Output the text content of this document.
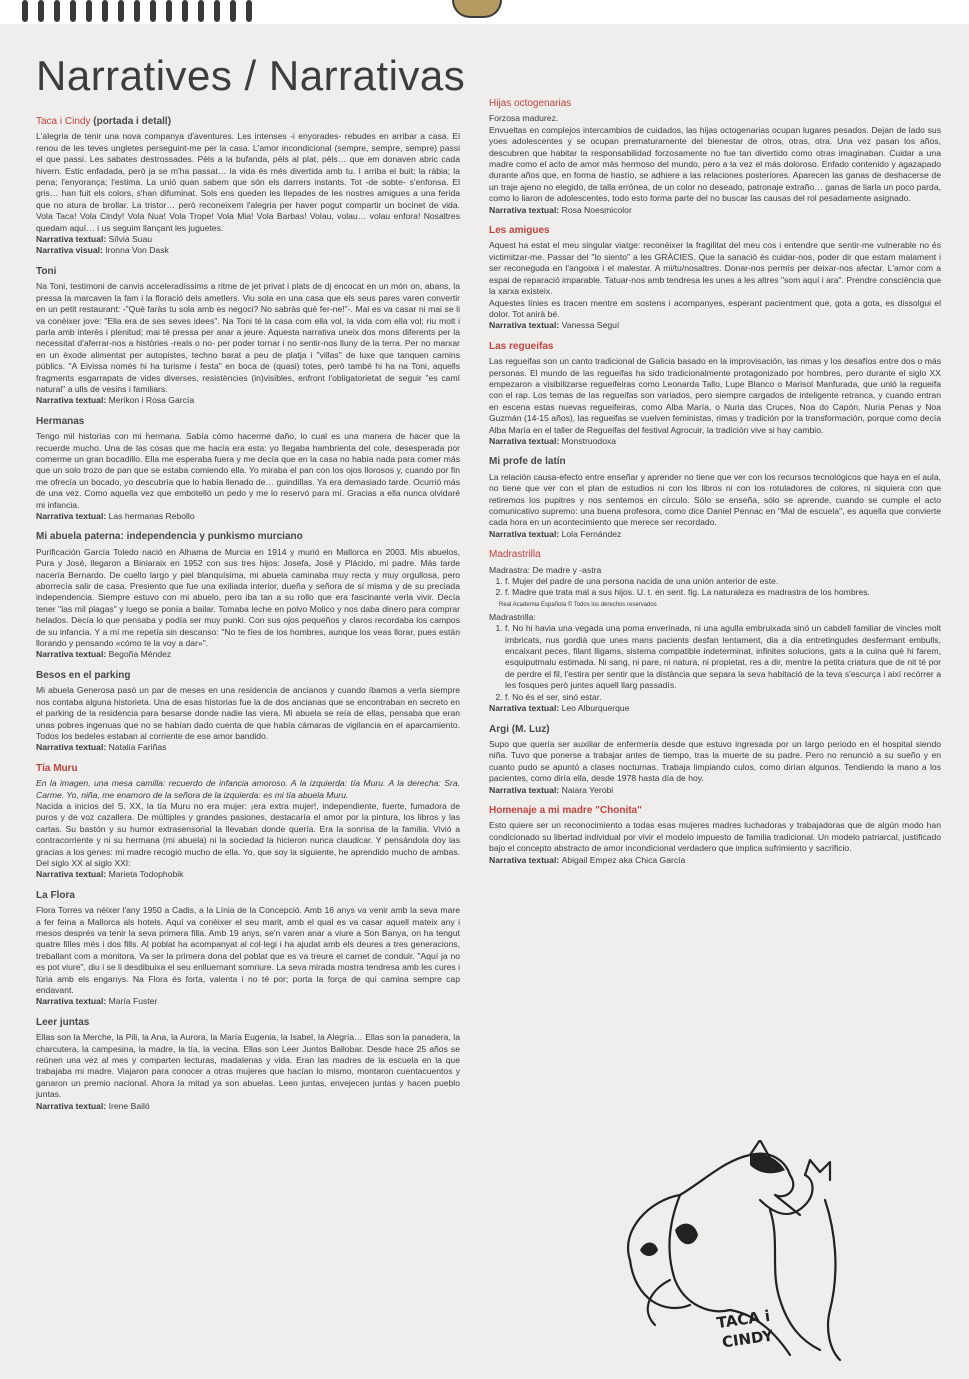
Narratives / Narrativas
Taca i Cindy (portada i detall)

L'alegria de tenir una nova companya d'aventures. Les intenses -i enyorades- rebudes en arribar a casa. El renou de les teves ungletes perseguint-me per la casa. L'amor incondicional (sempre, sempre, sempre) passi el que passi. Les sabates destrossades. Pèls a la bufanda, pèls al plat, pèls… que em donaven abric cada hivern. Estic enfadada, però ja se m'ha passat… la vida és més divertida amb tu. I arriba el buit; la ràbia; la pena; l'enyorança; l'estima. La unió quan sabem que són els darrers instants. Tot -de sobte- s'enfonsa. El gris… han fuit els colors, s'han difuminat. Sols ens queden les llepades de les nostres amigues a una ferida que no atura de brollar. La tristor… però reconeixem l'alegria per haver pogut compartir un bocinet de vida. Vola Taca! Vola Cindy! Vola Nua! Vola Trope! Vola Mia! Vola Barbas! Volau, volau… volau enfora! Nosaltres quedam aquí… i us seguim llançant les juguetes.

Narrativa textual: Sílvia Suau

Narrativa visual: Ironna Von Dask

Toni

Na Toni, testimoni de canvis acceleradíssims a ritme de jet privat i plats de dj encocat en un món on, abans, la pressa la marcaven la fam i la floració dels ametlers. Viu sola en una casa que els seus pares varen convertir en un petit restaurant: -"Què faràs tu sola amb es negoci? No sabràs què fer-ne!"-. Mai es va casar ni mai se li va conèixer jove: "Ella era de ses seves idees". Na Toni té la casa com ella vol, la vida com ella vol; riu molt i parla amb interès i plenitud; mai té pressa per anar a jeure. Aquesta narrativa uneix dos mons diferents per la necessitat d'aferrar-nos a històries -reals o no- per poder tornar i no sentir-nos lluny de la terra. Per no marxar en un èxode alimentat per autopistes, techno barat a peu de platja i "villas" de luxe que tanquen camins públics. "A Eivissa només hi ha turisme i festa" en boca de (quasi) totes, però també hi ha na Toni, aquells fragments esgarrapats de vides diverses, resistències (in)visibles, enfront l'obligatorietat de seguir "es camí natural" a ulls de vesins i familiars.

Narrativa textual: Merikon i Rosa García

Hermanas

Tengo mil historias con mi hermana. Sabía cómo hacerme daño, lo cual es una manera de hacer que la recuerde mucho. Una de las cosas que me hacía era esta: yo llegaba hambrienta del cole, desesperada por comerme un gran bocadillo. Ella me esperaba fuera y me decía que en la casa no había nada para comer más que un solo trozo de pan que se estaba comiendo ella. Yo miraba el pan con los ojos llorosos y, cuando por fin me ofrecía un bocado, yo descubría que lo había llenado de… guindillas. Ya era demasiado tarde. Ocurrió más de una vez. Como aquella vez que embotelló un pedo y me lo reservó para mí. Gracias a ella nunca olvidaré mi infancia.

Narrativa textual: Las hermanas Rebollo

Mi abuela paterna: independencia y punkismo murciano

Purificación García Toledo nació en Alhama de Murcia en 1914 y murió en Mallorca en 2003. Mis abuelos, Pura y José, llegaron a Biniaraix en 1952 con sus tres hijos: Josefa, José y Plácido, mi padre. Más tarde nacería Bernardo. De cuello largo y piel blanquísima, mi abuela caminaba muy recta y muy orgullosa, pero aborrecía salir de casa. Presiento que fue una exiliada interior, dueña y señora de sí misma y de su preciada independencia. Siempre estuvo con mi abuelo, pero iba tan a su rollo que era fascinante verla vivir. Decía tener "las mil plagas" y luego se ponía a bailar. Tomaba leche en polvo Molico y nos daba dinero para comprar helados. Decía lo que pensaba y podía ser muy punki. Con sus ojos pequeños y claros recordaba los campos de su infancia. Y a mí me repetía sin descanso: "No te fíes de los hombres, aunque los veas llorar, pues están llorando y pensando «cómo te la voy a dar»".

Narrativa textual: Begoña Méndez

Besos en el parking

Mi abuela Generosa pasó un par de meses en una residencia de ancianos y cuando íbamos a verla siempre nos contaba alguna historieta. Una de esas historias fue la de dos ancianas que se encontraban en secreto en el parking de la residencia para besarse donde nadie las viera. Mi abuela se reía de ellas, pensaba que eran unas pobres ingenuas que no se habían dado cuenta de que había cámaras de vigilancia en el aparcamiento. Todos los bedeles estaban al corriente de ese amor bandido.

Narrativa textual: Natalia Fariñas

Tía Muru

En la imagen, una mesa camilla: recuerdo de infancia amoroso. A la izquierda: tía Muru. A la derecha: Sra. Carme. Yo, niña, me enamoro de la señora de la izquierda: es mi tía abuela Muru.

Nacida a inicios del S. XX, la tía Muru no era mujer: ¡era extra mujer!, independiente, fuerte, fumadora de puros y de voz cazallera. De múltiples y grandes pasiones, destacaría el amor por la pintura, los libros y las cartas. Su bastón y su humor extrasensorial la llevaban donde quería. Era la sonrisa de la familia. Vivió a contracorriente y ni su hermana (mi abuela) ni la sociedad la hicieron nunca claudicar. Y pensándola doy las gracias a los genes: mi madre recogió mucho de ella. Yo, que soy la siguiente, he aprendido mucho de ambas. Del siglo XX al siglo XXI:

Narrativa textual: Marieta Todophobik

La Flora

Flora Torres va néixer l'any 1950 a Cadis, a la Línia de la Concepció. Amb 16 anys va venir amb la seva mare a fer feina a Mallorca als hotels. Aquí va conèixer el seu marit, amb el qual es va casar aquell mateix any i mesos després va tenir la seva primera filla. Amb 19 anys, se'n varen anar a viure a Son Banya, on ha tengut quatre filles més i dos fills. Al poblat ha acompanyat al col·legi i ha ajudat amb els deures a tres generacions, treballant com a monitora. Va ser la primera dona del poblat que es va treure el carnet de conduir. "Aquí ja no es pot viure", diu i se li desdibuixa el seu enlluernant somriure. La seva mirada mostra tendresa amb les cures i fúria amb els enganys. Na Flora és forta, valenta i no té por; porta la força de qui camina sempre cap endavant.

Narrativa textual: María Fuster

Leer juntas

Ellas son la Merche, la Pili, la Ana, la Aurora, la María Eugenia, la Isabel, la Alegría… Ellas son la panadera, la charcutera, la campesina, la madre, la tía, la vecina. Ellas son Leer Juntos Ballobar. Desde hace 25 años se reúnen una vez al mes y comparten lecturas, madalenas y vida. Eran las madres de la escuela en la que trabajaba mi madre. Viajaron para conocer a otras mujeres que hacían lo mismo, montaron cuentacuentos y ganaron un premio nacional. Ahora la mitad ya son abuelas. Leen juntas, envejecen juntas y hacen pueblo juntas.

Narrativa textual: Irene Bailó

Hijas octogenarias

Forzosa madurez.

Envueltas en complejos intercambios de cuidados, las hijas octogenarias ocupan lugares pesados. Dejan de lado sus yoes adolescentes y se ocupan prematuramente del bienestar de otros, otras, otra. Una vez pasan los años, descubren que habitar la responsabilidad forzosamente no fue tan divertido como otras imaginaban. Cuidar a una madre como el acto de amor más hermoso del mundo, pero a la vez el más doloroso. Enfado contenido y agazapado durante años que, en forma de hastío, se adhiere a las relaciones posteriores. Aparecen las ganas de deshacerse de un traje ajeno no elegido, de talla errónea, de un color no deseado, patronaje extraño… ganas de liarla un poco parda, como lo liaron de adolescentes, todo esto forma parte del no buscar las causas del rol pesadamente asignado.

Narrativa textual: Rosa Noesmicolor

Les amigues

Aquest ha estat el meu singular viatge: reconèixer la fragilitat del meu cos i entendre que sentir-me vulnerable no és victimitzar-me. Passar del "lo siento" a les GRÀCIES. Que la sanació és cuidar-nos, poder dir que estam malament i ser reconeguda en l'angoixa i el malestar. A mi/tu/nosaltres. Donar-nos permís per deixar-nos afectar. L'amor com a espai de reparació imparable. Tatuar-nos amb tendresa les unes a les altres "som aquí i ara". Prendre consciència que la xarxa existeix.

Aquestes línies es tracen mentre em sostens i acompanyes, esperant pacientment que, gota a gota, es dissolgui el dolor. Tot anirà bé.

Narrativa textual: Vanessa Seguí

Las regueifas

Las regueifas son un canto tradicional de Galicia basado en la improvisación, las rimas y los desafíos entre dos o más personas. El mundo de las regueifas ha sido tradicionalmente protagonizado por hombres, pero durante el siglo XX empezaron a visibilizarse regueifeiras como Leonarda Tallo, Lupe Blanco o Marisol Manfurada, que unió la regueifa con el rap. Los temas de las regueifas son variados, pero siempre cargados de inteligente retranca, y cuando entran en escena estas nuevas regueifeiras, como Alba María, o Nuria das Cruces, Noa do Capón, Nuria Penas y Noa Guzmán (14-15 años), las regueifas se vuelven feministas, rimas y tradición por la transformación, porque como decía Alba María en el taller de Regueifas del festival Agrocuir, la tradición vive si hay cambio.

Narrativa textual: Monstruodoxa

Mi profe de latín

La relación causa-efecto entre enseñar y aprender no tiene que ver con los recursos tecnológicos que haya en el aula, no tiene que ver con el plan de estudios ni con los libros ni con los rotuladores de colores, ni siquiera con que retiremos los pupitres y nos sentemos en círculo. Sólo se enseña, sólo se aprende, cuando se cumple el acto comunicativo supremo: una buena profesora, como dice Daniel Pennac en "Mal de escuela", es aquella que convierte cada hora en un acontecimiento que merece ser recordado.

Narrativa textual: Lola Fernández

Madrastrilla

Madrastra: De madre y -astra

1. f. Mujer del padre de una persona nacida de una unión anterior de este.
2. f. Madre que trata mal a sus hijos. U. t. en sent. fig. La naturaleza es madrastra de los hombres.

Real Academia Española © Todos los derechos reservados

Madrastrilla:

1. f. No hi havia una vegada una poma enverinada, ni una agulla embruixada sinó un cabdell familiar de vincles molt imbricats, nus gordià que unes mans pacients desfan lentament, dia a dia entretingudes desfermant embulls, encaixant peces, filant lligams, sistema compatible indeterminat, infinites solucions, gats a la cuina què hi farem, esquiputmalu estimada. Ni sang, ni pare, ni natura, ni propietat, res a dir, mentre la petita criatura que de nit té por de perdre el fil, l'estira per sentir que la distància que separa la seva habitació de la teva s'escurça i així recórrer a les fosques però juntes aquell llarg passadís.
2. f. No és el ser, sinó estar.

Narrativa textual: Leo Alburquerque

Argi (M. Luz)

Supo que quería ser auxiliar de enfermería desde que estuvo ingresada por un largo periodo en el hospital siendo niña. Tuvo que ponerse a trabajar antes de tiempo, tras la muerte de su padre. Pero no renunció a su sueño y en cuanto pudo se apuntó a clases nocturnas. Trabaja limpiando culos, como dirían algunos. Tendiendo la mano a los pacientes, como diría ella, desde 1978 hasta día de hoy.

Narrativa textual: Naiara Yerobi

Homenaje a mi madre "Chonita"

Esto quiere ser un reconocimiento a todas esas mujeres madres luchadoras y trabajadoras que de algún modo han condicionado su libertad individual por vivir el modelo impuesto de familia tradicional. Un modelo patriarcal, justificado bajo el concepto abstracto de amor incondicional verdadero que implica sufrimiento y sacrificio.

Narrativa textual: Abigail Empez aka Chica García

TACA i
CINDY
